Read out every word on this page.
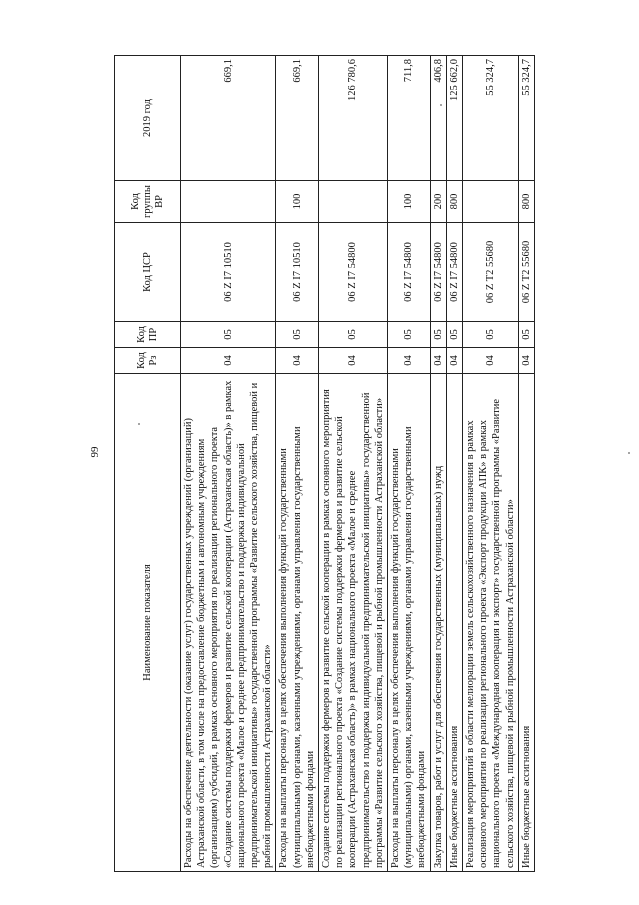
99
Наименование показателя	Код Рз	Код ПР	Код ЦСР	Код группы ВР	2019 год
Расходы на обеспечение деятельности (оказание услуг) государственных учреждений (организаций) Астраханской области, в том числе на предоставление бюджетным и автономным учреждениям (организациям) субсидий, в рамках основного мероприятия по реализации регионального проекта «Создание системы поддержки фермеров и развитие сельской кооперации (Астраханская область)» в рамках национального проекта «Малое и среднее предпринимательство и поддержка индивидуальной предпринимательской инициативы» государственной программы «Развитие сельского хозяйства, пищевой и рыбной промышленности Астраханской области»	04	05	06 Z I7 10510		669,1
Расходы на выплаты персоналу в целях обеспечения выполнения функций государственными (муниципальными) органами, казенными учреждениями, органами управления государственными внебюджетными фондами	04	05	06 Z I7 10510	100	669,1
Создание системы поддержки фермеров и развитие сельской кооперации в рамках основного мероприятия по реализации регионального проекта «Создание системы поддержки фермеров и развитие сельской кооперации (Астраханская область)» в рамках национального проекта «Малое и среднее предпринимательство и поддержка индивидуальной предпринимательской инициативы» государственной программы «Развитие сельского хозяйства, пищевой и рыбной промышленности Астраханской области»	04	05	06 Z I7 54800		126 780,6
Расходы на выплаты персоналу в целях обеспечения выполнения функций государственными (муниципальными) органами, казенными учреждениями, органами управления государственными внебюджетными фондами	04	05	06 Z I7 54800	100	711,8
Закупка товаров, работ и услуг для обеспечения государственных (муниципальных) нужд	04	05	06 Z I7 54800	200	406,8
Иные бюджетные ассигнования	04	05	06 Z I7 54800	800	125 662,0
Реализация мероприятий в области мелиорации земель сельскохозяйственного назначения в рамках основного мероприятия по реализации регионального проекта «Экспорт продукции АПК» в рамках национального проекта «Международная кооперация и экспорт» государственной программы «Развитие сельского хозяйства, пищевой и рыбной промышленности Астраханской области»	04	05	06 Z T2 55680		55 324,7
Иные бюджетные ассигнования	04	05	06 Z T2 55680	800	55 324,7
